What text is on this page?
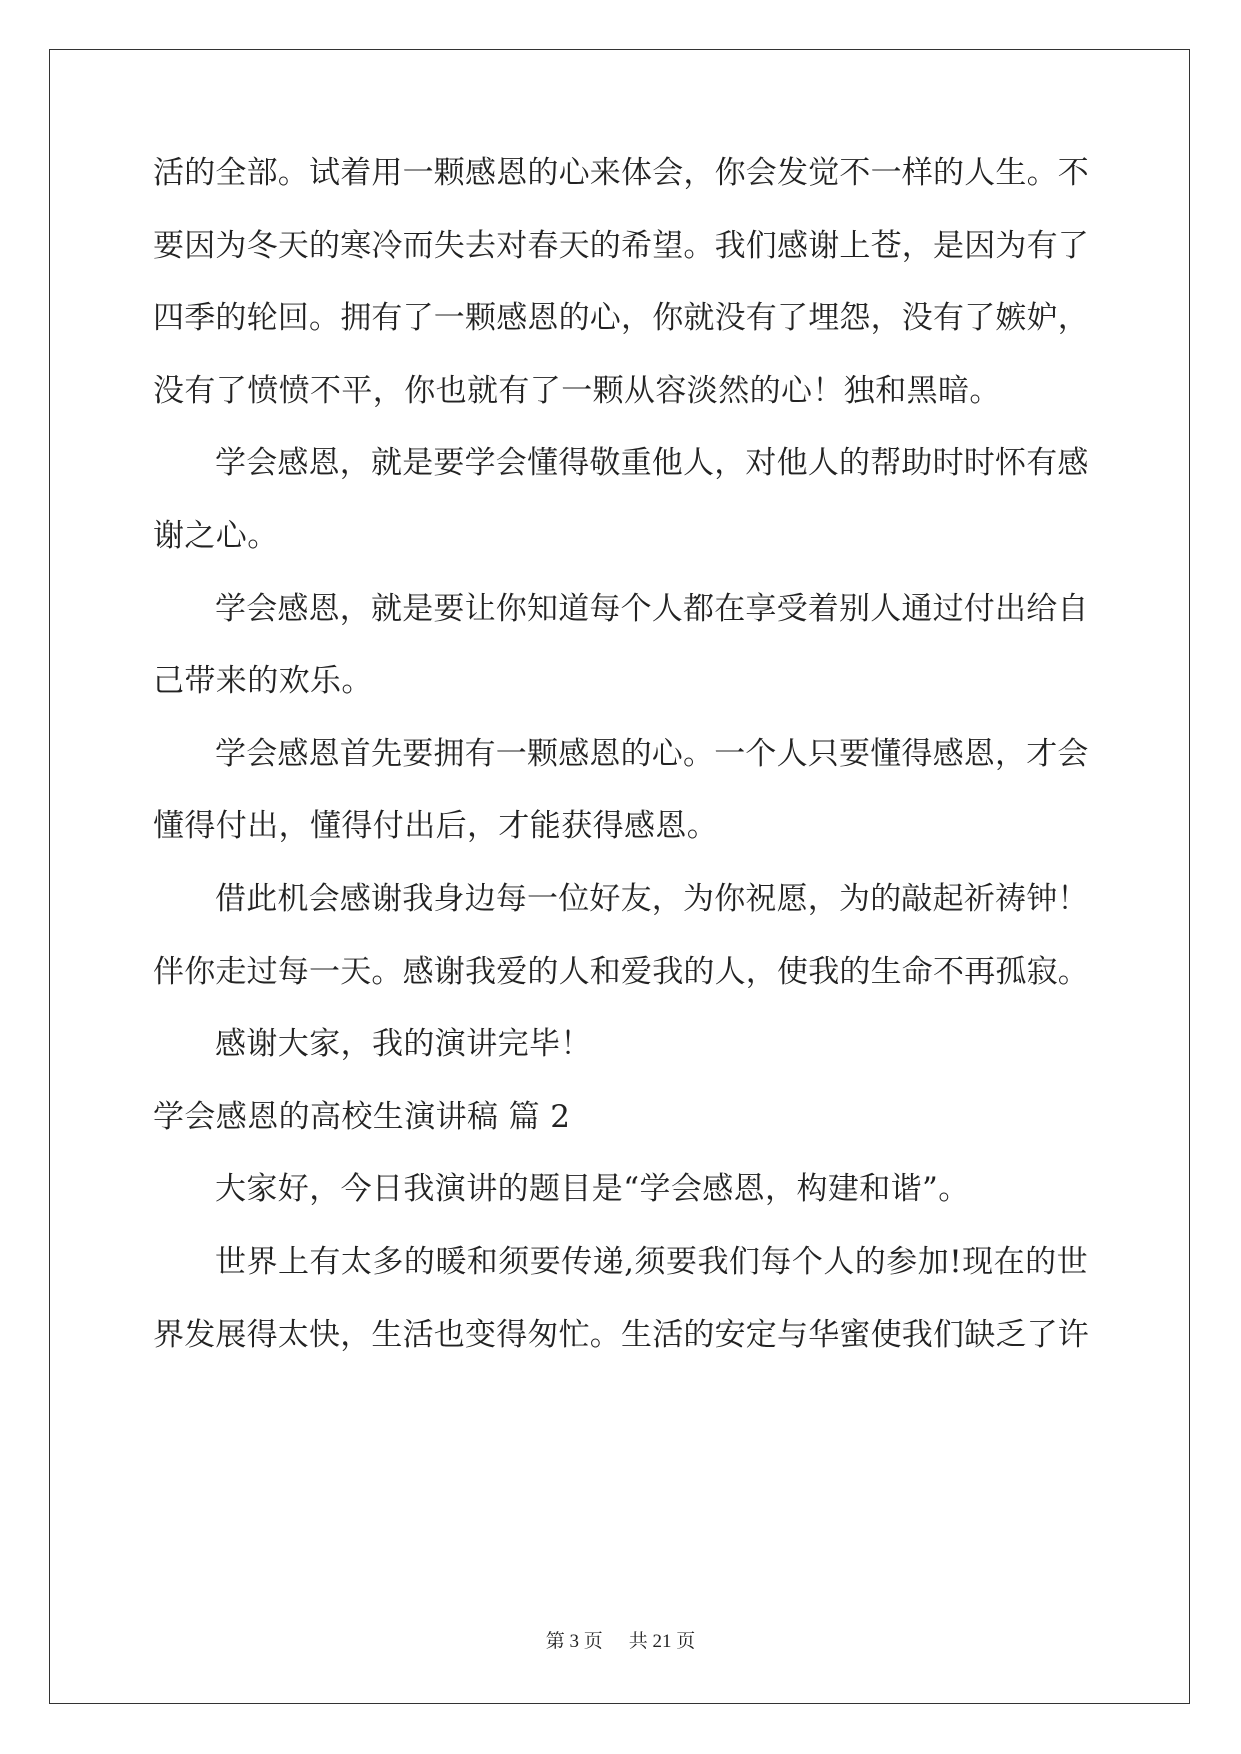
活的全部。试着用一颗感恩的心来体会，你会发觉不一样的人生。不
要因为冬天的寒冷而失去对春天的希望。我们感谢上苍，是因为有了
四季的轮回。拥有了一颗感恩的心，你就没有了埋怨，没有了嫉妒，
没有了愤愤不平，你也就有了一颗从容淡然的心！独和黑暗。
学会感恩，就是要学会懂得敬重他人，对他人的帮助时时怀有感
谢之心。
学会感恩，就是要让你知道每个人都在享受着别人通过付出给自
己带来的欢乐。
学会感恩首先要拥有一颗感恩的心。一个人只要懂得感恩，才会
懂得付出，懂得付出后，才能获得感恩。
借此机会感谢我身边每一位好友，为你祝愿，为的敲起祈祷钟！
伴你走过每一天。感谢我爱的人和爱我的人，使我的生命不再孤寂。
感谢大家，我的演讲完毕！
学会感恩的高校生演讲稿 篇 2
大家好，今日我演讲的题目是“学会感恩，构建和谐”。
世界上有太多的暖和须要传递,须要我们每个人的参加!现在的世
界发展得太快，生活也变得匆忙。生活的安定与华蜜使我们缺乏了许
第 3 页 共 21 页
